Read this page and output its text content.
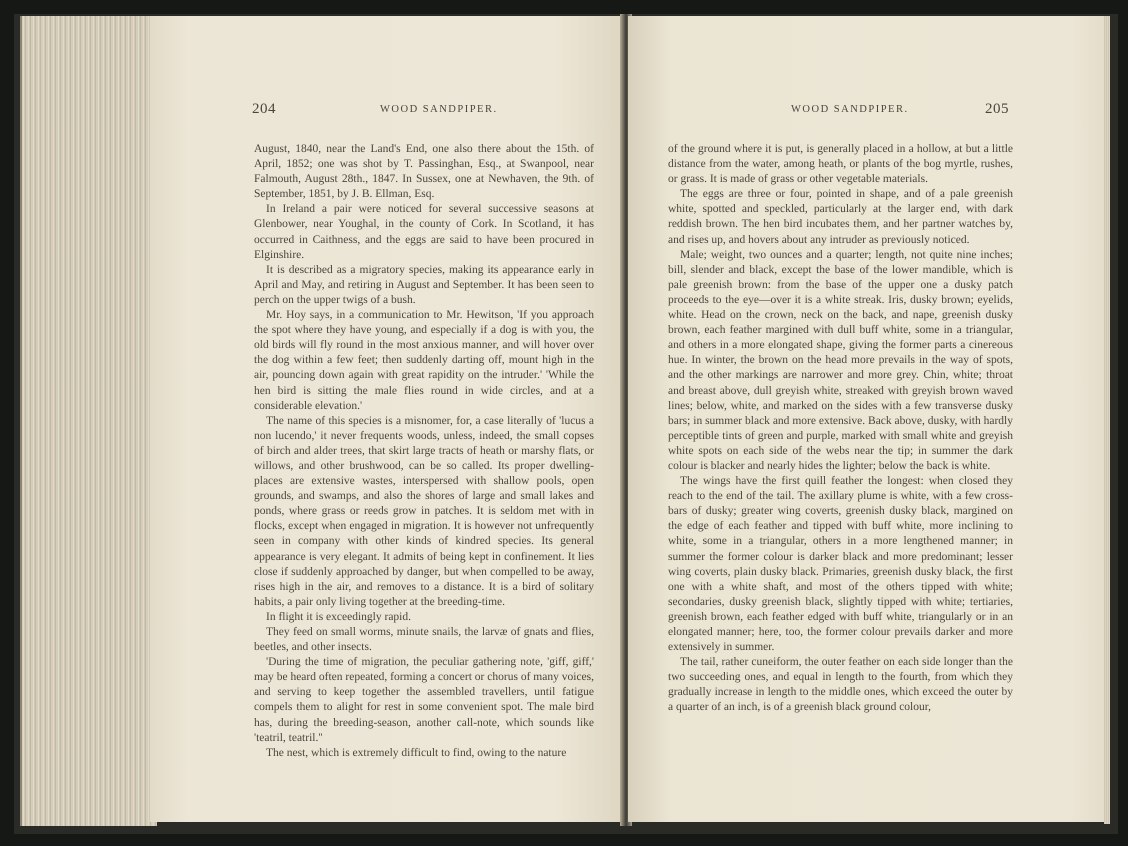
204	WOOD SANDPIPER.

August, 1840, near the Land's End, one also there about the 15th. of April, 1852; one was shot by T. Passinghan, Esq., at Swanpool, near Falmouth, August 28th., 1847. In Sussex, one at Newhaven, the 9th. of September, 1851, by J. B. Ellman, Esq.

In Ireland a pair were noticed for several successive seasons at Glenbower, near Youghal, in the county of Cork. In Scotland, it has occurred in Caithness, and the eggs are said to have been procured in Elginshire.

It is described as a migratory species, making its appearance early in April and May, and retiring in August and September. It has been seen to perch on the upper twigs of a bush.

Mr. Hoy says, in a communication to Mr. Hewitson, 'If you approach the spot where they have young, and especially if a dog is with you, the old birds will fly round in the most anxious manner, and will hover over the dog within a few feet; then suddenly darting off, mount high in the air, pouncing down again with great rapidity on the intruder.' 'While the hen bird is sitting the male flies round in wide circles, and at a considerable elevation.'

The name of this species is a misnomer, for, a case literally of 'lucus a non lucendo,' it never frequents woods, unless, indeed, the small copses of birch and alder trees, that skirt large tracts of heath or marshy flats, or willows, and other brushwood, can be so called. Its proper dwelling-places are extensive wastes, interspersed with shallow pools, open grounds, and swamps, and also the shores of large and small lakes and ponds, where grass or reeds grow in patches. It is seldom met with in flocks, except when engaged in migration. It is however not unfrequently seen in company with other kinds of kindred species. Its general appearance is very elegant. It admits of being kept in confinement. It lies close if suddenly approached by danger, but when compelled to be away, rises high in the air, and removes to a distance. It is a bird of solitary habits, a pair only living together at the breeding-time.

In flight it is exceedingly rapid.

They feed on small worms, minute snails, the larvæ of gnats and flies, beetles, and other insects.

'During the time of migration, the peculiar gathering note, 'giff, giff,' may be heard often repeated, forming a concert or chorus of many voices, and serving to keep together the assembled travellers, until fatigue compels them to alight for rest in some convenient spot. The male bird has, during the breeding-season, another call-note, which sounds like 'teatril, teatril.''

The nest, which is extremely difficult to find, owing to the nature

WOOD SANDPIPER.	205

of the ground where it is put, is generally placed in a hollow, at but a little distance from the water, among heath, or plants of the bog myrtle, rushes, or grass. It is made of grass or other vegetable materials.

The eggs are three or four, pointed in shape, and of a pale greenish white, spotted and speckled, particularly at the larger end, with dark reddish brown. The hen bird incubates them, and her partner watches by, and rises up, and hovers about any intruder as previously noticed.

Male; weight, two ounces and a quarter; length, not quite nine inches; bill, slender and black, except the base of the lower mandible, which is pale greenish brown: from the base of the upper one a dusky patch proceeds to the eye—over it is a white streak. Iris, dusky brown; eyelids, white. Head on the crown, neck on the back, and nape, greenish dusky brown, each feather margined with dull buff white, some in a triangular, and others in a more elongated shape, giving the former parts a cinereous hue. In winter, the brown on the head more prevails in the way of spots, and the other markings are narrower and more grey. Chin, white; throat and breast above, dull greyish white, streaked with greyish brown waved lines; below, white, and marked on the sides with a few transverse dusky bars; in summer black and more extensive. Back above, dusky, with hardly perceptible tints of green and purple, marked with small white and greyish white spots on each side of the webs near the tip; in summer the dark colour is blacker and nearly hides the lighter; below the back is white.

The wings have the first quill feather the longest: when closed they reach to the end of the tail. The axillary plume is white, with a few cross-bars of dusky; greater wing coverts, greenish dusky black, margined on the edge of each feather and tipped with buff white, more inclining to white, some in a triangular, others in a more lengthened manner; in summer the former colour is darker black and more predominant; lesser wing coverts, plain dusky black. Primaries, greenish dusky black, the first one with a white shaft, and most of the others tipped with white; secondaries, dusky greenish black, slightly tipped with white; tertiaries, greenish brown, each feather edged with buff white, triangularly or in an elongated manner; here, too, the former colour prevails darker and more extensively in summer.

The tail, rather cuneiform, the outer feather on each side longer than the two succeeding ones, and equal in length to the fourth, from which they gradually increase in length to the middle ones, which exceed the outer by a quarter of an inch, is of a greenish black ground colour,
